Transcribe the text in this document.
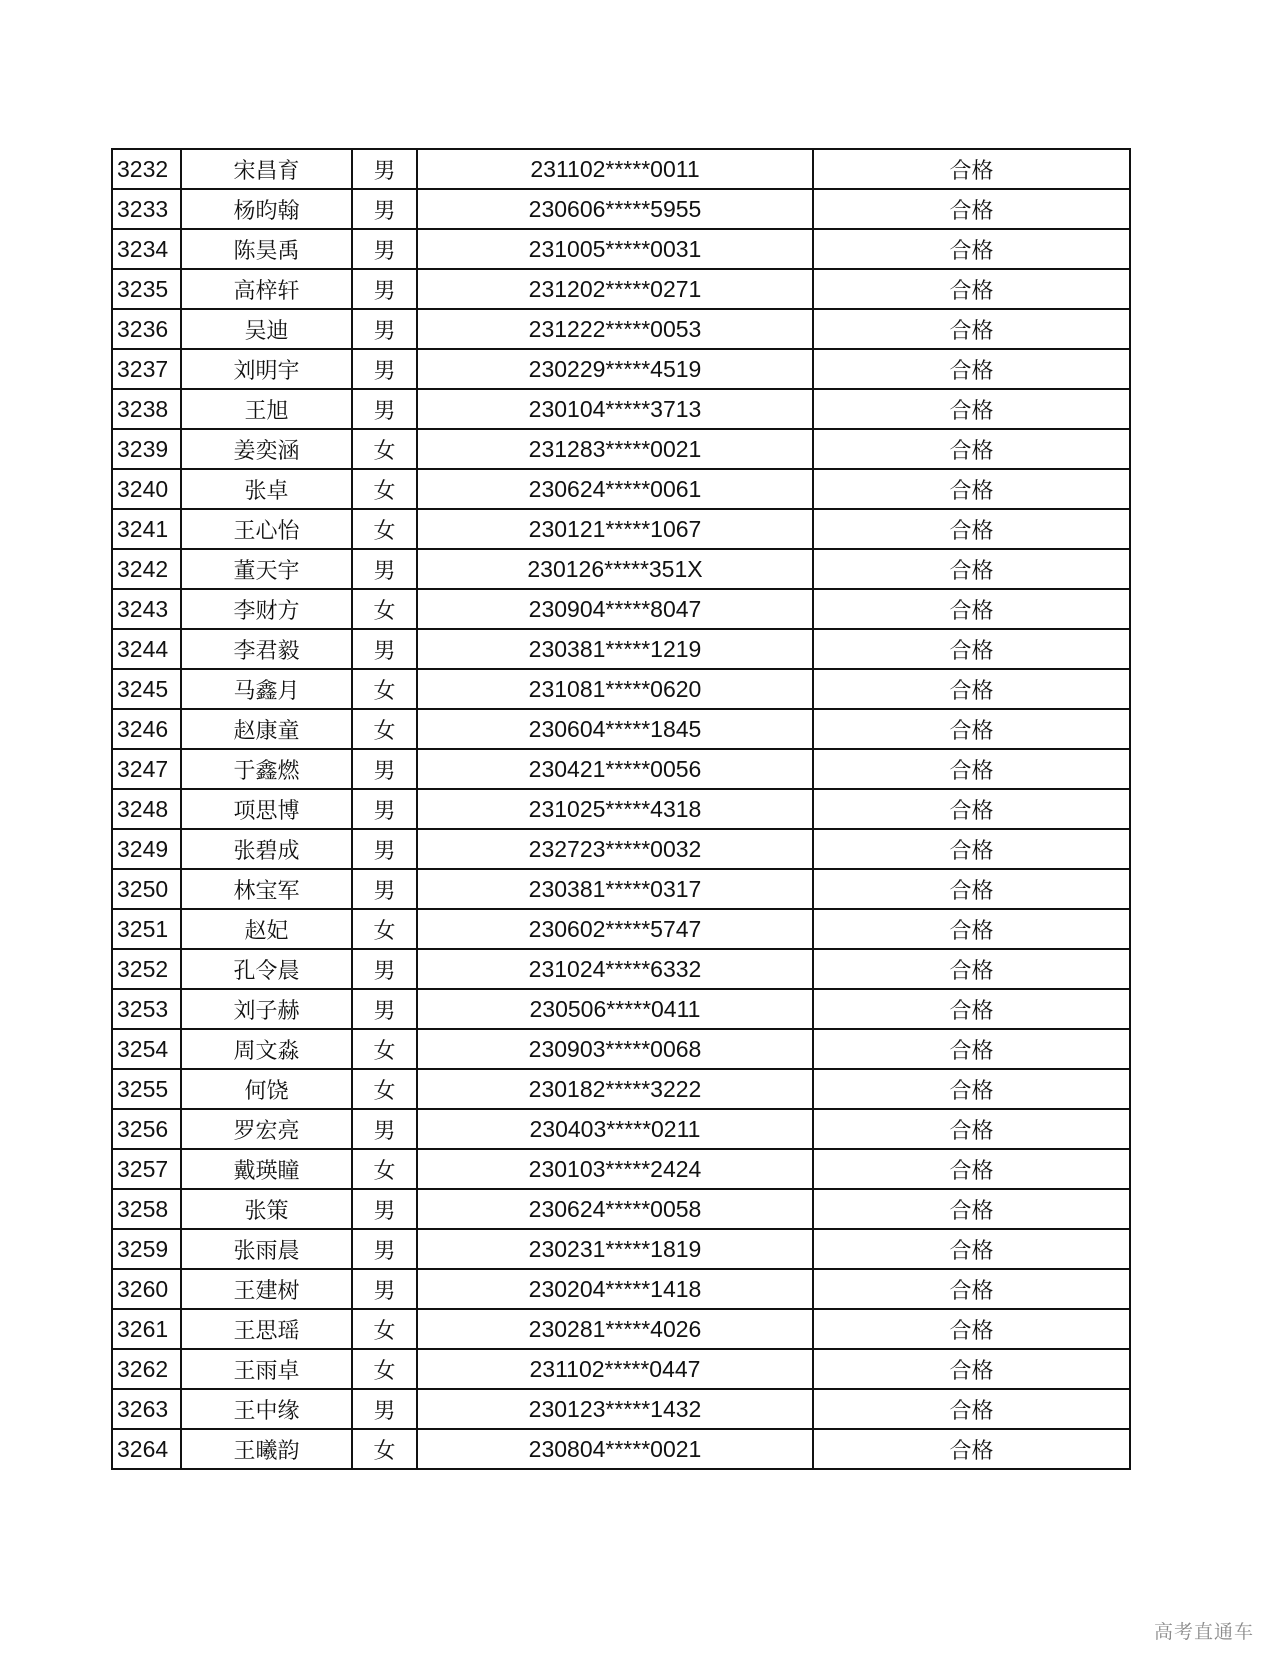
3232	宋昌育	男	231102*****0011	合格
3233	杨昀翰	男	230606*****5955	合格
3234	陈昊禹	男	231005*****0031	合格
3235	高梓轩	男	231202*****0271	合格
3236	吴迪	男	231222*****0053	合格
3237	刘明宇	男	230229*****4519	合格
3238	王旭	男	230104*****3713	合格
3239	姜奕涵	女	231283*****0021	合格
3240	张卓	女	230624*****0061	合格
3241	王心怡	女	230121*****1067	合格
3242	董天宇	男	230126*****351X	合格
3243	李财方	女	230904*****8047	合格
3244	李君毅	男	230381*****1219	合格
3245	马鑫月	女	231081*****0620	合格
3246	赵康童	女	230604*****1845	合格
3247	于鑫燃	男	230421*****0056	合格
3248	项思博	男	231025*****4318	合格
3249	张碧成	男	232723*****0032	合格
3250	林宝军	男	230381*****0317	合格
3251	赵妃	女	230602*****5747	合格
3252	孔令晨	男	231024*****6332	合格
3253	刘子赫	男	230506*****0411	合格
3254	周文淼	女	230903*****0068	合格
3255	何饶	女	230182*****3222	合格
3256	罗宏亮	男	230403*****0211	合格
3257	戴瑛瞳	女	230103*****2424	合格
3258	张策	男	230624*****0058	合格
3259	张雨晨	男	230231*****1819	合格
3260	王建树	男	230204*****1418	合格
3261	王思瑶	女	230281*****4026	合格
3262	王雨卓	女	231102*****0447	合格
3263	王中缘	男	230123*****1432	合格
3264	王曦韵	女	230804*****0021	合格
高考直通车
